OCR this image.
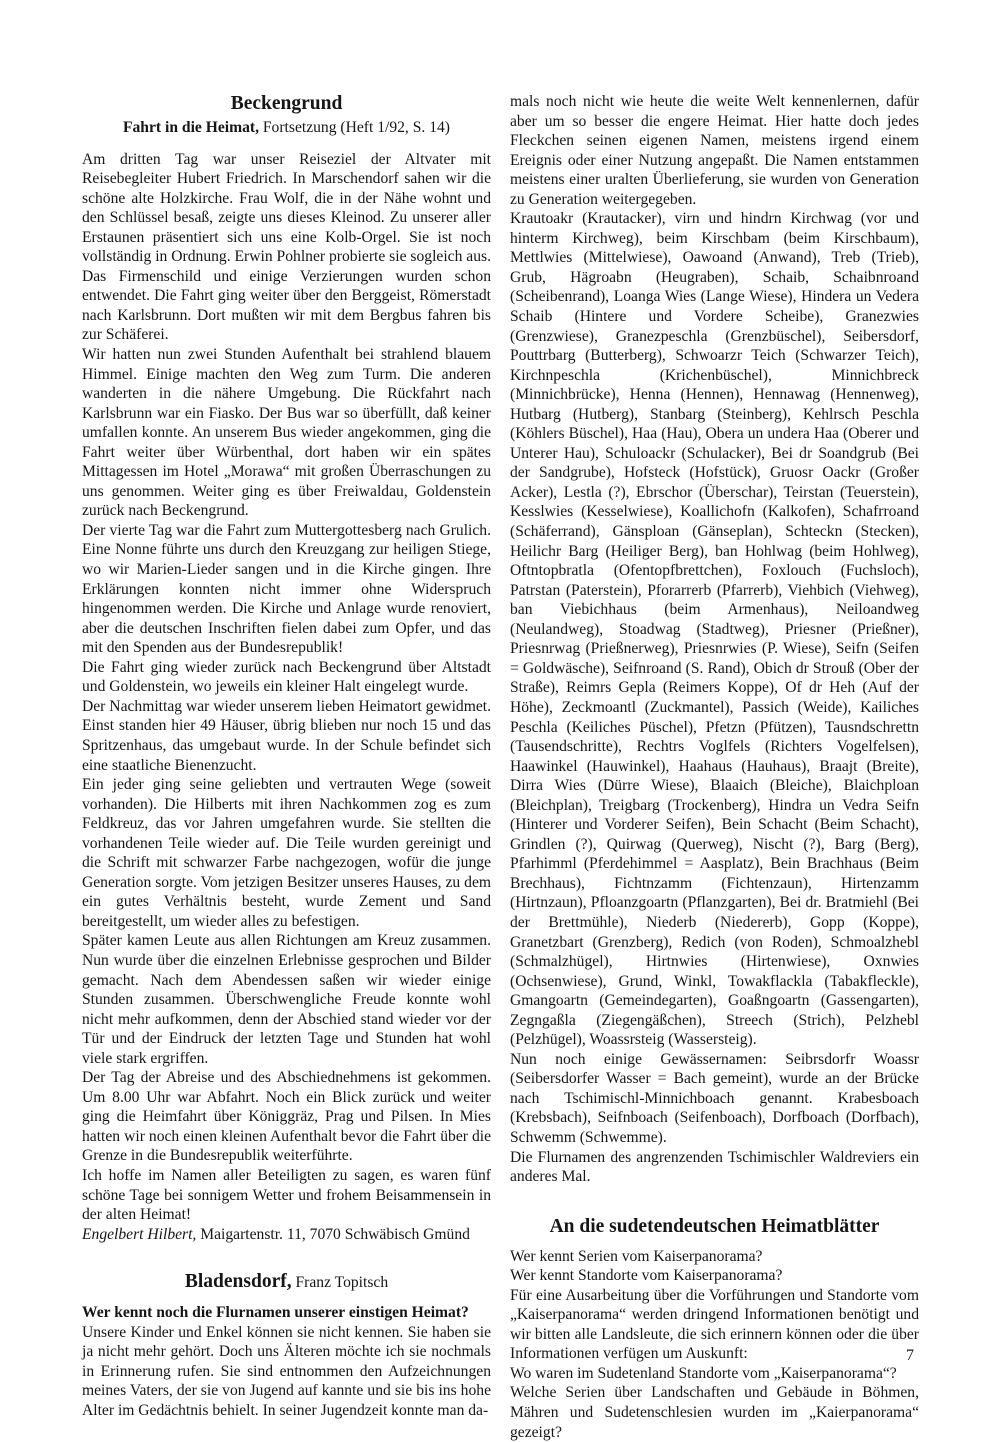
Beckengrund
Fahrt in die Heimat, Fortsetzung (Heft 1/92, S. 14)

Am dritten Tag war unser Reiseziel der Altvater mit Reisebegleiter Hubert Friedrich. In Marschendorf sahen wir die schöne alte Holzkirche. Frau Wolf, die in der Nähe wohnt und den Schlüssel besaß, zeigte uns dieses Kleinod. Zu unserer aller Erstaunen präsentiert sich uns eine Kolb-Orgel. Sie ist noch vollständig in Ordnung. Erwin Pohlner probierte sie sogleich aus. Das Firmenschild und einige Verzierungen wurden schon entwendet. Die Fahrt ging weiter über den Berggeist, Römerstadt nach Karlsbrunn. Dort mußten wir mit dem Bergbus fahren bis zur Schäferei.

Wir hatten nun zwei Stunden Aufenthalt bei strahlend blauem Himmel. Einige machten den Weg zum Turm. Die anderen wanderten in die nähere Umgebung. Die Rückfahrt nach Karlsbrunn war ein Fiasko. Der Bus war so überfüllt, daß keiner umfallen konnte. An unserem Bus wieder angekommen, ging die Fahrt weiter über Würbenthal, dort haben wir ein spätes Mittagessen im Hotel „Morawa“ mit großen Überraschungen zu uns genommen. Weiter ging es über Freiwaldau, Goldenstein zurück nach Beckengrund.

Der vierte Tag war die Fahrt zum Muttergottesberg nach Grulich. Eine Nonne führte uns durch den Kreuzgang zur heiligen Stiege, wo wir Marien-Lieder sangen und in die Kirche gingen. Ihre Erklärungen konnten nicht immer ohne Widerspruch hingenommen werden. Die Kirche und Anlage wurde renoviert, aber die deutschen Inschriften fielen dabei zum Opfer, und das mit den Spenden aus der Bundesrepublik!

Die Fahrt ging wieder zurück nach Beckengrund über Altstadt und Goldenstein, wo jeweils ein kleiner Halt eingelegt wurde.

Der Nachmittag war wieder unserem lieben Heimatort gewidmet. Einst standen hier 49 Häuser, übrig blieben nur noch 15 und das Spritzenhaus, das umgebaut wurde. In der Schule befindet sich eine staatliche Bienenzucht.

Ein jeder ging seine geliebten und vertrauten Wege (soweit vorhanden). Die Hilberts mit ihren Nachkommen zog es zum Feldkreuz, das vor Jahren umgefahren wurde. Sie stellten die vorhandenen Teile wieder auf. Die Teile wurden gereinigt und die Schrift mit schwarzer Farbe nachgezogen, wofür die junge Generation sorgte. Vom jetzigen Besitzer unseres Hauses, zu dem ein gutes Verhältnis besteht, wurde Zement und Sand bereitgestellt, um wieder alles zu befestigen.

Später kamen Leute aus allen Richtungen am Kreuz zusammen. Nun wurde über die einzelnen Erlebnisse gesprochen und Bilder gemacht. Nach dem Abendessen saßen wir wieder einige Stunden zusammen. Überschwengliche Freude konnte wohl nicht mehr aufkommen, denn der Abschied stand wieder vor der Tür und der Eindruck der letzten Tage und Stunden hat wohl viele stark ergriffen.

Der Tag der Abreise und des Abschiednehmens ist gekommen. Um 8.00 Uhr war Abfahrt. Noch ein Blick zurück und weiter ging die Heimfahrt über Königgräz, Prag und Pilsen. In Mies hatten wir noch einen kleinen Aufenthalt bevor die Fahrt über die Grenze in die Bundesrepublik weiterführte.

Ich hoffe im Namen aller Beteiligten zu sagen, es waren fünf schöne Tage bei sonnigem Wetter und frohem Beisammensein in der alten Heimat!

Engelbert Hilbert, Maigartenstr. 11, 7070 Schwäbisch Gmünd

Bladensdorf, Franz Topitsch

Wer kennt noch die Flurnamen unserer einstigen Heimat?

Unsere Kinder und Enkel können sie nicht kennen. Sie haben sie ja nicht mehr gehört. Doch uns Älteren möchte ich sie nochmals in Erinnerung rufen. Sie sind entnommen den Aufzeichnungen meines Vaters, der sie von Jugend auf kannte und sie bis ins hohe Alter im Gedächtnis behielt. In seiner Jugendzeit konnte man da-

mals noch nicht wie heute die weite Welt kennenlernen, dafür aber um so besser die engere Heimat. Hier hatte doch jedes Fleckchen seinen eigenen Namen, meistens irgend einem Ereignis oder einer Nutzung angepaßt. Die Namen entstammen meistens einer uralten Überlieferung, sie wurden von Generation zu Generation weitergegeben.

Krautoakr (Krautacker), virn und hindrn Kirchwag (vor und hinterm Kirchweg), beim Kirschbam (beim Kirschbaum), Mettlwies (Mittelwiese), Oawoand (Anwand), Treb (Trieb), Grub, Hägroabn (Heugraben), Schaib, Schaibnroand (Scheibenrand), Loanga Wies (Lange Wiese), Hindera un Vedera Schaib (Hintere und Vordere Scheibe), Granezwies (Grenzwiese), Granezpeschla (Grenzbüschel), Seibersdorf, Pouttrbarg (Butterberg), Schwoarzr Teich (Schwarzer Teich), Kirchnpeschla (Krichenbüschel), Minnichbreck (Minnichbrücke), Henna (Hennen), Hennawag (Hennenweg), Hutbarg (Hutberg), Stanbarg (Steinberg), Kehlrsch Peschla (Köhlers Büschel), Haa (Hau), Obera un undera Haa (Oberer und Unterer Hau), Schuloackr (Schulacker), Bei dr Soandgrub (Bei der Sandgrube), Hofsteck (Hofstück), Gruosr Oackr (Großer Acker), Lestla (?), Ebrschor (Überschar), Teirstan (Teuerstein), Kesslwies (Kesselwiese), Koallichofn (Kalkofen), Schafrroand (Schäferrand), Gänsploan (Gänseplan), Schteckn (Stecken), Heilichr Barg (Heiliger Berg), ban Hohlwag (beim Hohlweg), Oftntopbratla (Ofentopfbrettchen), Foxlouch (Fuchsloch), Patrstan (Paterstein), Pforarrerb (Pfarrerb), Viehbich (Viehweg), ban Viebichhaus (beim Armenhaus), Neiloandweg (Neulandweg), Stoadwag (Stadtweg), Priesner (Prießner), Priesnrwag (Prießnerweg), Priesnrwies (P. Wiese), Seifn (Seifen = Goldwäsche), Seifnroand (S. Rand), Obich dr Strouß (Ober der Straße), Reimrs Gepla (Reimers Koppe), Of dr Heh (Auf der Höhe), Zeckmoantl (Zuckmantel), Passich (Weide), Kailiches Peschla (Keiliches Püschel), Pfetzn (Pfützen), Tausndschrettn (Tausendschritte), Rechtrs Voglfels (Richters Vogelfelsen), Haawinkel (Hauwinkel), Haahaus (Hauhaus), Braajt (Breite), Dirra Wies (Dürre Wiese), Blaaich (Bleiche), Blaichploan (Bleichplan), Treigbarg (Trockenberg), Hindra un Vedra Seifn (Hinterer und Vorderer Seifen), Bein Schacht (Beim Schacht), Grindlen (?), Quirwag (Querweg), Nischt (?), Barg (Berg), Pfarhimml (Pferdehimmel = Aasplatz), Bein Brachhaus (Beim Brechhaus), Fichtnzamm (Fichtenzaun), Hirtenzamm (Hirtnzaun), Pfloanzgoartn (Pflanzgarten), Bei dr. Bratmiehl (Bei der Brettmühle), Niederb (Niedererb), Gopp (Koppe), Granetzbart (Grenzberg), Redich (von Roden), Schmoalzhebl (Schmalzhügel), Hirtnwies (Hirtenwiese), Oxnwies (Ochsenwiese), Grund, Winkl, Towakflackla (Tabakfleckle), Gmangoartn (Gemeindegarten), Goaßngoartn (Gassengarten), Zegngaßla (Ziegengäßchen), Streech (Strich), Pelzhebl (Pelzhügel), Woassrsteig (Wassersteig).

Nun noch einige Gewässernamen: Seibrsdorfr Woassr (Seibersdorfer Wasser = Bach gemeint), wurde an der Brücke nach Tschimischl-Minnichboach genannt. Krabesboach (Krebsbach), Seifnboach (Seifenboach), Dorfboach (Dorfbach), Schwemm (Schwemme).

Die Flurnamen des angrenzenden Tschimischler Waldreviers ein anderes Mal.

An die sudetendeutschen Heimatblätter

Wer kennt Serien vom Kaiserpanorama?

Wer kennt Standorte vom Kaiserpanorama?

Für eine Ausarbeitung über die Vorführungen und Standorte vom „Kaiserpanorama“ werden dringend Informationen benötigt und wir bitten alle Landsleute, die sich erinnern können oder die über Informationen verfügen um Auskunft:

Wo waren im Sudetenland Standorte vom „Kaiserpanorama“?

Welche Serien über Landschaften und Gebäude in Böhmen, Mähren und Sudetenschlesien wurden im „Kaierpanorama“ gezeigt?

7
